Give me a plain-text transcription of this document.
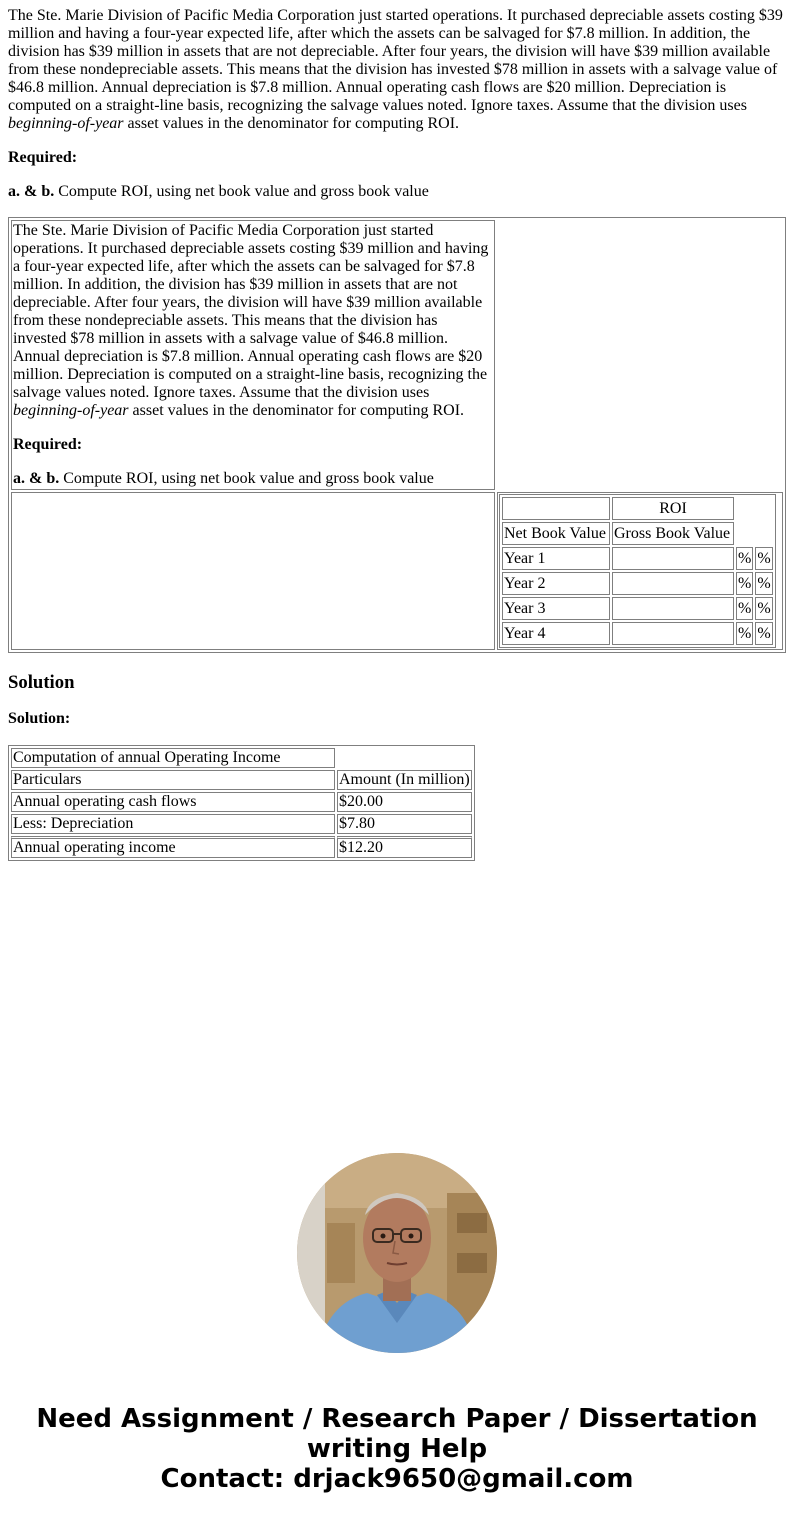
The Ste. Marie Division of Pacific Media Corporation just started operations. It purchased depreciable assets costing $39 million and having a four-year expected life, after which the assets can be salvaged for $7.8 million. In addition, the division has $39 million in assets that are not depreciable. After four years, the division will have $39 million available from these nondepreciable assets. This means that the division has invested $78 million in assets with a salvage value of $46.8 million. Annual depreciation is $7.8 million. Annual operating cash flows are $20 million. Depreciation is computed on a straight-line basis, recognizing the salvage values noted. Ignore taxes. Assume that the division uses beginning-of-year asset values in the denominator for computing ROI.

Required:

a. & b. Compute ROI, using net book value and gross book value

The Ste. Marie Division of Pacific Media Corporation just started operations. It purchased depreciable assets costing $39 million and having a four-year expected life, after which the assets can be salvaged for $7.8 million. In addition, the division has $39 million in assets that are not depreciable. After four years, the division will have $39 million available from these nondepreciable assets. This means that the division has invested $78 million in assets with a salvage value of $46.8 million. Annual depreciation is $7.8 million. Annual operating cash flows are $20 million. Depreciation is computed on a straight-line basis, recognizing the salvage values noted. Ignore taxes. Assume that the division uses beginning-of-year asset values in the denominator for computing ROI.

Required:

a. & b. Compute ROI, using net book value and gross book value

	ROI		
Net Book Value	Gross Book Value		
Year 1		%	%
Year 2		%	%
Year 3		%	%
Year 4		%	%
Solution

Solution:

Computation of annual Operating Income	
Particulars	Amount (In million)
Annual operating cash flows	$20.00
Less: Depreciation	$7.80
Annual operating income	$12.20
Need Assignment / Research Paper / Dissertation
writing Help
Contact: drjack9650@gmail.com
